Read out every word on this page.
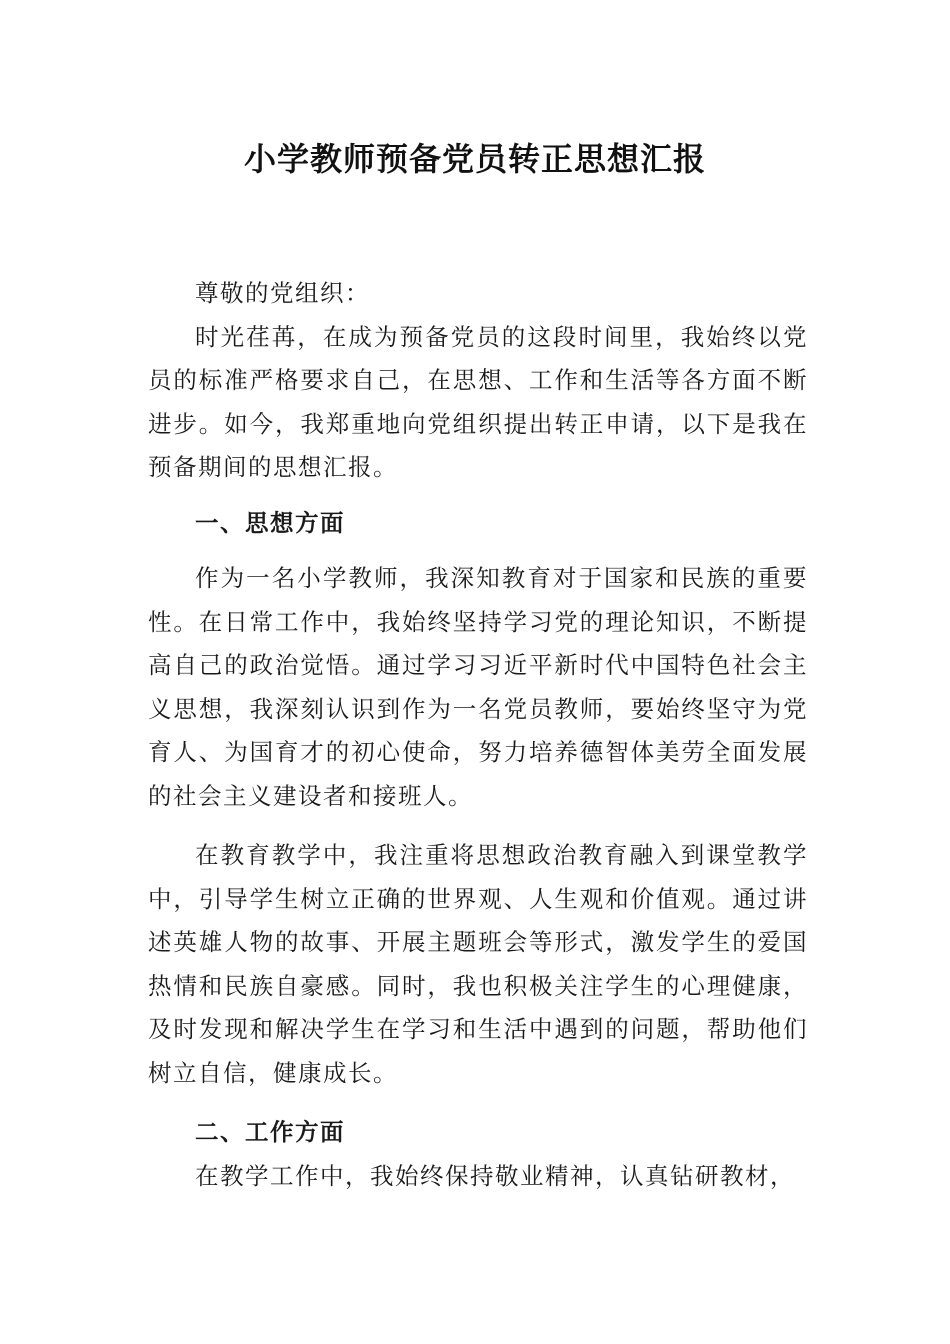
小学教师预备党员转正思想汇报

尊敬的党组织：

时光荏苒，在成为预备党员的这段时间里，我始终以党员的标准严格要求自己，在思想、工作和生活等各方面不断进步。如今，我郑重地向党组织提出转正申请，以下是我在预备期间的思想汇报。

一、思想方面

作为一名小学教师，我深知教育对于国家和民族的重要性。在日常工作中，我始终坚持学习党的理论知识，不断提高自己的政治觉悟。通过学习习近平新时代中国特色社会主义思想，我深刻认识到作为一名党员教师，要始终坚守为党育人、为国育才的初心使命，努力培养德智体美劳全面发展的社会主义建设者和接班人。

在教育教学中，我注重将思想政治教育融入到课堂教学中，引导学生树立正确的世界观、人生观和价值观。通过讲述英雄人物的故事、开展主题班会等形式，激发学生的爱国热情和民族自豪感。同时，我也积极关注学生的心理健康，及时发现和解决学生在学习和生活中遇到的问题，帮助他们树立自信，健康成长。

二、工作方面

在教学工作中，我始终保持敬业精神，认真钻研教材，
